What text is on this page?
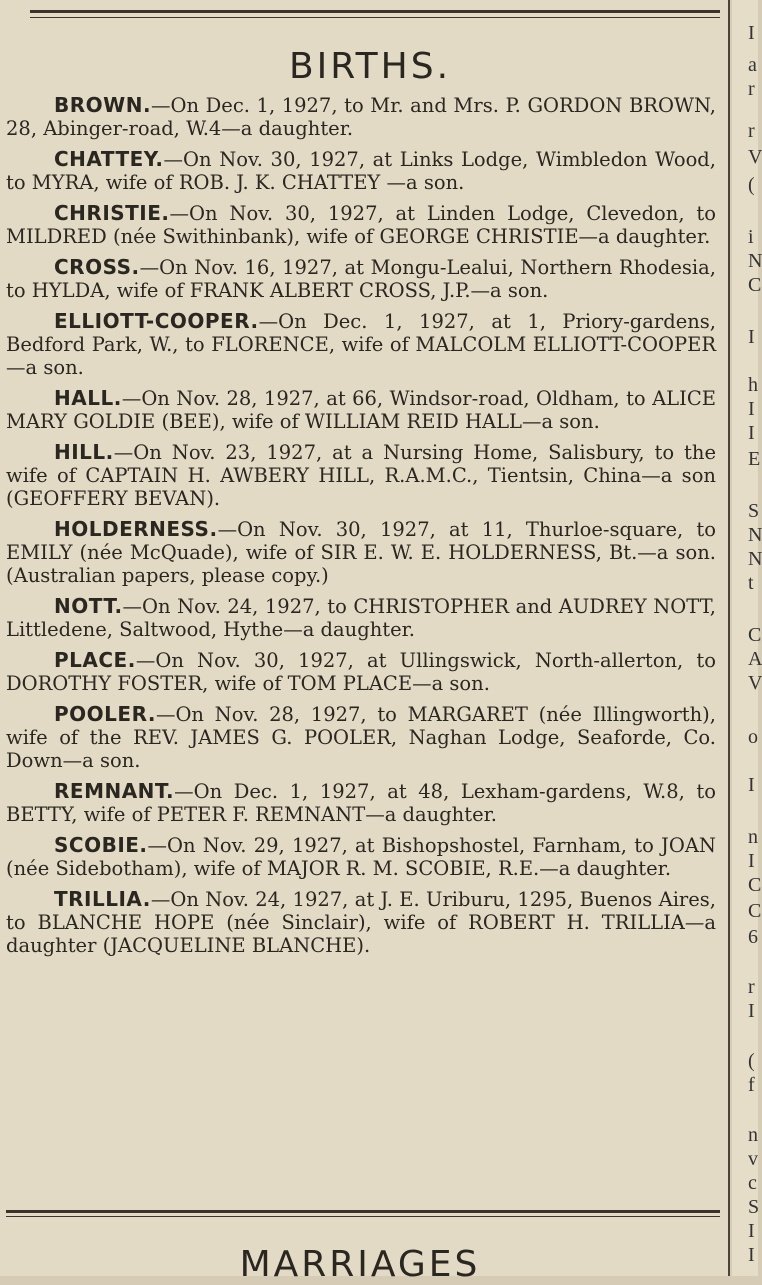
I
a
r
r
V
(
i
N
C
I
h
I
I
E
S
N
N
t
C
A
V
o
I
n
I
C
C
6
r
I
(
f
n
v
c
S
I
I
BIRTHS.

BROWN.—On Dec. 1, 1927, to Mr. and Mrs. P. GORDON BROWN, 28, Abinger-road, W.4—a daughter.

CHATTEY.—On Nov. 30, 1927, at Links Lodge, Wimbledon Wood, to MYRA, wife of ROB. J. K. CHATTEY —a son.

CHRISTIE.—On Nov. 30, 1927, at Linden Lodge, Clevedon, to MILDRED (née Swithinbank), wife of GEORGE CHRISTIE—a daughter.

CROSS.—On Nov. 16, 1927, at Mongu-Lealui, Northern Rhodesia, to HYLDA, wife of FRANK ALBERT CROSS, J.P.—a son.

ELLIOTT-COOPER.—On Dec. 1, 1927, at 1, Priory-gardens, Bedford Park, W., to FLORENCE, wife of MALCOLM ELLIOTT-COOPER—a son.

HALL.—On Nov. 28, 1927, at 66, Windsor-road, Oldham, to ALICE MARY GOLDIE (BEE), wife of WILLIAM REID HALL—a son.

HILL.—On Nov. 23, 1927, at a Nursing Home, Salisbury, to the wife of CAPTAIN H. AWBERY HILL, R.A.M.C., Tientsin, China—a son (GEOFFERY BEVAN).

HOLDERNESS.—On Nov. 30, 1927, at 11, Thurloe-square, to EMILY (née McQuade), wife of SIR E. W. E. HOLDERNESS, Bt.—a son. (Australian papers, please copy.)

NOTT.—On Nov. 24, 1927, to CHRISTOPHER and AUDREY NOTT, Littledene, Saltwood, Hythe—a daughter.

PLACE.—On Nov. 30, 1927, at Ullingswick, North-allerton, to DOROTHY FOSTER, wife of TOM PLACE—a son.

POOLER.—On Nov. 28, 1927, to MARGARET (née Illingworth), wife of the REV. JAMES G. POOLER, Naghan Lodge, Seaforde, Co. Down—a son.

REMNANT.—On Dec. 1, 1927, at 48, Lexham-gardens, W.8, to BETTY, wife of PETER F. REMNANT—a daughter.

SCOBIE.—On Nov. 29, 1927, at Bishopshostel, Farnham, to JOAN (née Sidebotham), wife of MAJOR R. M. SCOBIE, R.E.—a daughter.

TRILLIA.—On Nov. 24, 1927, at J. E. Uriburu, 1295, Buenos Aires, to BLANCHE HOPE (née Sinclair), wife of ROBERT H. TRILLIA—a daughter (JACQUELINE BLANCHE).

MARRIAGES
